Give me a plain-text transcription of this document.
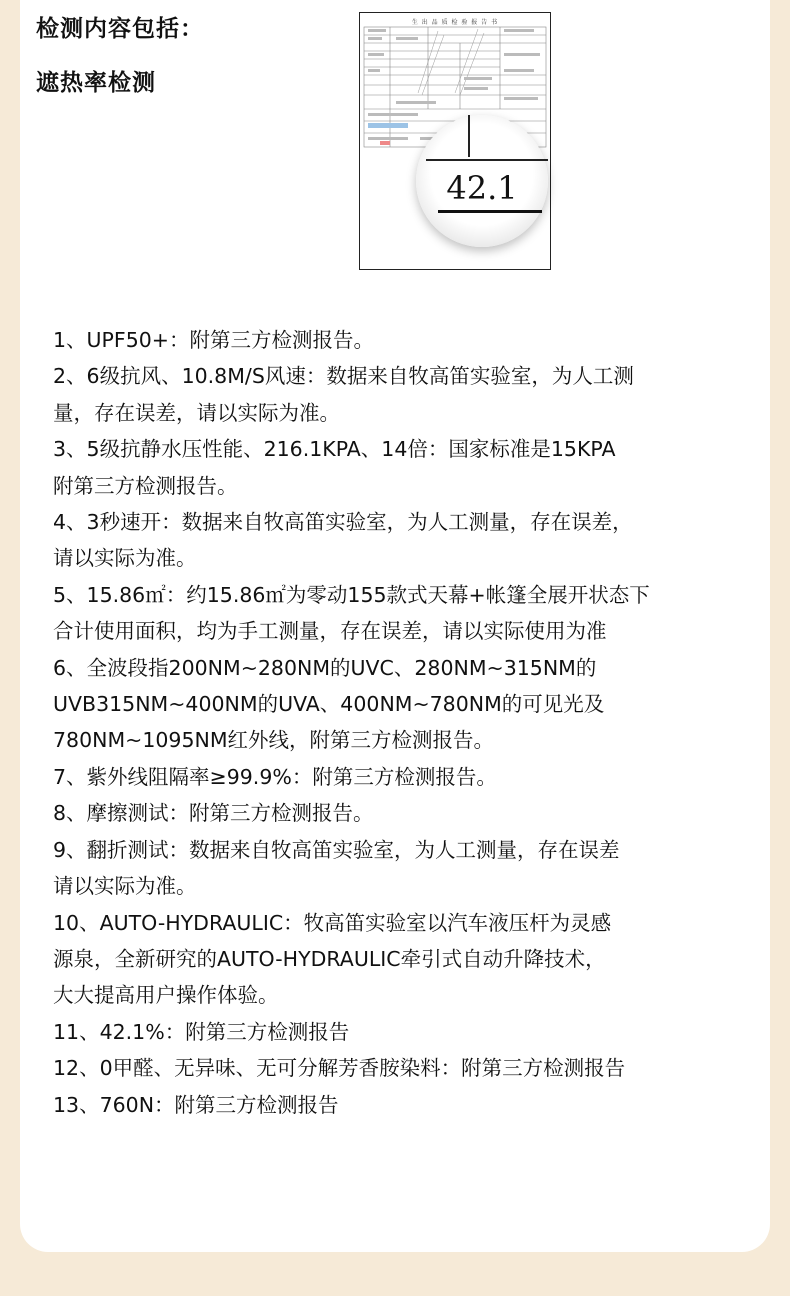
检测内容包括：
遮热率检测
生 出 品 质 检 验 报 告 书
42.1
1、UPF50+：附第三方检测报告。
2、6级抗风、10.8M/S风速：数据来自牧高笛实验室，为人工测
量，存在误差，请以实际为准。
3、5级抗静水压性能、216.1KPA、14倍：国家标准是15KPA
附第三方检测报告。
4、3秒速开：数据来自牧高笛实验室，为人工测量，存在误差，
请以实际为准。
5、15.86㎡：约15.86㎡为零动155款式天幕+帐篷全展开状态下
合计使用面积，均为手工测量，存在误差，请以实际使用为准
6、全波段指200NM~280NM的UVC、280NM~315NM的
UVB315NM~400NM的UVA、400NM~780NM的可见光及
780NM~1095NM红外线，附第三方检测报告。
7、紫外线阻隔率≥99.9%：附第三方检测报告。
8、摩擦测试：附第三方检测报告。
9、翻折测试：数据来自牧高笛实验室，为人工测量，存在误差
请以实际为准。
10、AUTO-HYDRAULIC：牧高笛实验室以汽车液压杆为灵感
源泉，全新研究的AUTO-HYDRAULIC牵引式自动升降技术，
大大提高用户操作体验。
11、42.1%：附第三方检测报告
12、0甲醛、无异味、无可分解芳香胺染料：附第三方检测报告
13、760N：附第三方检测报告
